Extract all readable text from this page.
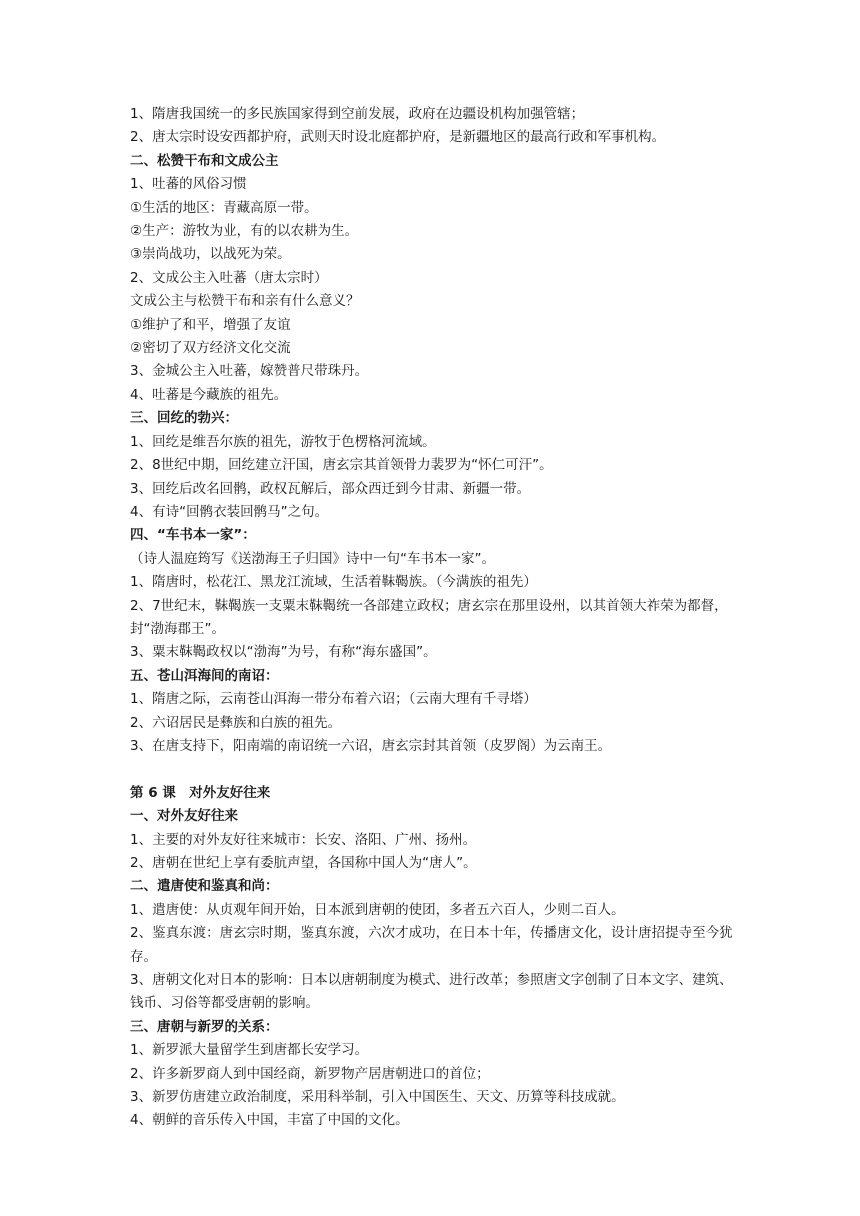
1、隋唐我国统一的多民族国家得到空前发展，政府在边疆设机构加强管辖；

2、唐太宗时设安西都护府，武则天时设北庭都护府，是新疆地区的最高行政和军事机构。

二、松赞干布和文成公主

1、吐蕃的风俗习惯

①生活的地区：青藏高原一带。

②生产：游牧为业，有的以农耕为生。

③崇尚战功，以战死为荣。

2、文成公主入吐蕃（唐太宗时）

文成公主与松赞干布和亲有什么意义？

①维护了和平，增强了友谊

②密切了双方经济文化交流

3、金城公主入吐蕃，嫁赞普尺带珠丹。

4、吐蕃是今藏族的祖先。

三、回纥的勃兴：

1、回纥是维吾尔族的祖先，游牧于色楞格河流域。

2、8世纪中期，回纥建立汗国，唐玄宗其首领骨力裴罗为“怀仁可汗”。

3、回纥后改名回鹘，政权瓦解后，部众西迁到今甘肃、新疆一带。

4、有诗“回鹘衣装回鹘马”之句。

四、“车书本一家”：

（诗人温庭筠写《送渤海王子归国》诗中一句“车书本一家”。

1、隋唐时，松花江、黑龙江流域，生活着靺鞨族。（今满族的祖先）

2、7世纪末，靺鞨族一支粟末靺鞨统一各部建立政权；唐玄宗在那里设州，以其首领大祚荣为都督，封“渤海郡王”。

3、粟末靺鞨政权以“渤海”为号，有称“海东盛国”。

五、苍山洱海间的南诏：

1、隋唐之际，云南苍山洱海一带分布着六诏；（云南大理有千寻塔）

2、六诏居民是彝族和白族的祖先。

3、在唐支持下，阳南端的南诏统一六诏，唐玄宗封其首领（皮罗阁）为云南王。

第 6 课　对外友好往来

一、对外友好往来

1、主要的对外友好往来城市：长安、洛阳、广州、扬州。

2、唐朝在世纪上享有委肮声望，各国称中国人为“唐人”。

二、遣唐使和鉴真和尚：

1、遣唐使：从贞观年间开始，日本派到唐朝的使团，多者五六百人，少则二百人。

2、鉴真东渡：唐玄宗时期，鉴真东渡，六次才成功，在日本十年，传播唐文化，设计唐招提寺至今犹存。

3、唐朝文化对日本的影响：日本以唐朝制度为模式、进行改革；参照唐文字创制了日本文字、建筑、钱币、习俗等都受唐朝的影响。

三、唐朝与新罗的关系：

1、新罗派大量留学生到唐都长安学习。

2、许多新罗商人到中国经商，新罗物产居唐朝进口的首位；

3、新罗仿唐建立政治制度，采用科举制，引入中国医生、天文、历算等科技成就。

4、朝鲜的音乐传入中国，丰富了中国的文化。
